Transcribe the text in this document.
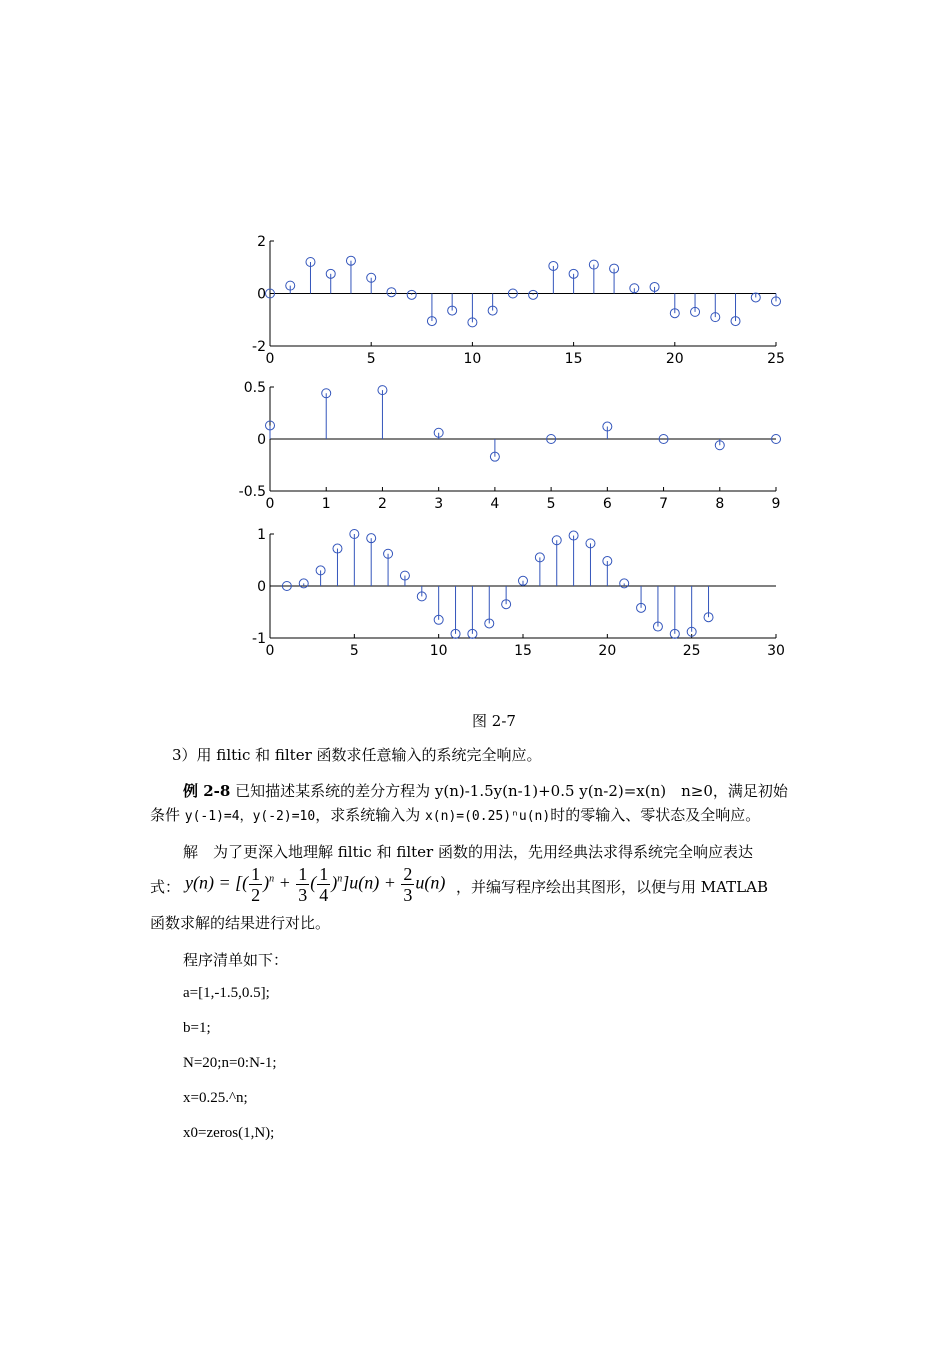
0	5	10	15	20	25
2
0
-2
0	1	2	3	4	5	6	7	8	9
0.5
0
-0.5
0	5	10	15	20	25	30
1
0
-1
图 2-7
3）用 filtic 和 filter 函数求任意输入的系统完全响应。
例 2-8 已知描述某系统的差分方程为 y(n)-1.5y(n-1)+0.5 y(n-2)=x(n)　n≥0，满足初始
条件 y(-1)=4，y(-2)=10，求系统输入为 x(n)=(0.25)ⁿu(n)时的零输入、零状态及全响应。
解　为了更深入地理解 filtic 和 filter 函数的用法，先用经典法求得系统完全响应表达
式： y(n) = [( $\frac{1}{2} )^n + \frac{1}{3}$ ( $\frac{1}{4} )^n]u(n) + \frac{2}{3} u(n)$ ，并编写程序绘出其图形，以便与用 MATLAB
函数求解的结果进行对比。
程序清单如下：
a=[1,-1.5,0.5];
b=1;
N=20;n=0:N-1;
x=0.25.^n;
x0=zeros(1,N);
